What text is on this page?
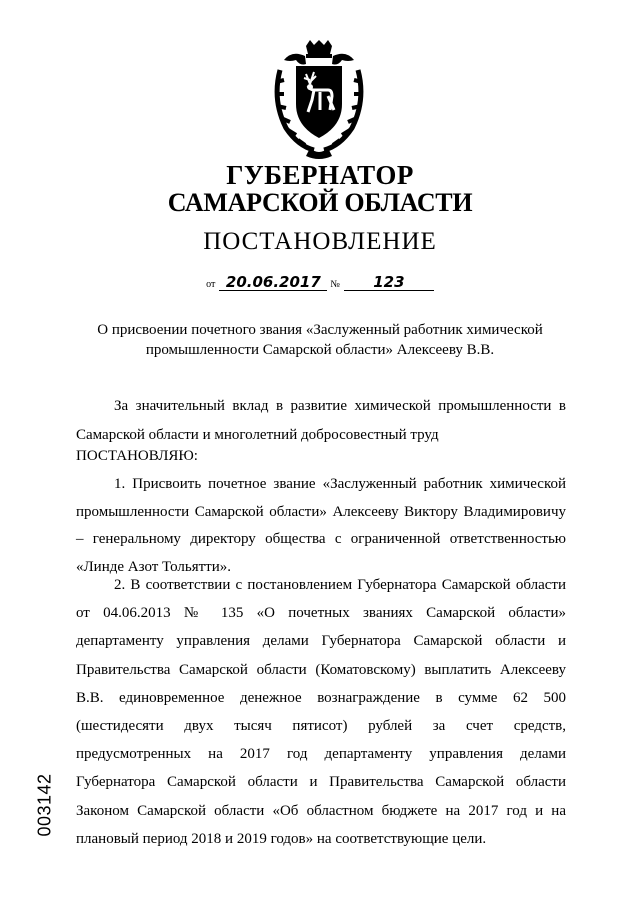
ГУБЕРНАТОР
САМАРСКОЙ ОБЛАСТИ
ПОСТАНОВЛЕНИЕ
от 20.06.2017 № 123
О присвоении почетного звания «Заслуженный работник химической промышленности Самарской области» Алексееву В.В.
За значительный вклад в развитие химической промышленности в Самарской области и многолетний добросовестный труд
ПОСТАНОВЛЯЮ:
1. Присвоить почетное звание «Заслуженный работник химической промышленности Самарской области» Алексееву Виктору Владимировичу – генеральному директору общества с ограниченной ответственностью «Линде Азот Тольятти».
2. В соответствии с постановлением Губернатора Самарской области от 04.06.2013 № 135 «О почетных званиях Самарской области» департаменту управления делами Губернатора Самарской области и Правительства Самарской области (Коматовскому) выплатить Алексееву В.В. единовременное денежное вознаграждение в сумме 62 500 (шестидесяти двух тысяч пятисот) рублей за счет средств, предусмотренных на 2017 год департаменту управления делами Губернатора Самарской области и Правительства Самарской области Законом Самарской области «Об областном бюджете на 2017 год и на плановый период 2018 и 2019 годов» на соответствующие цели.
003142
